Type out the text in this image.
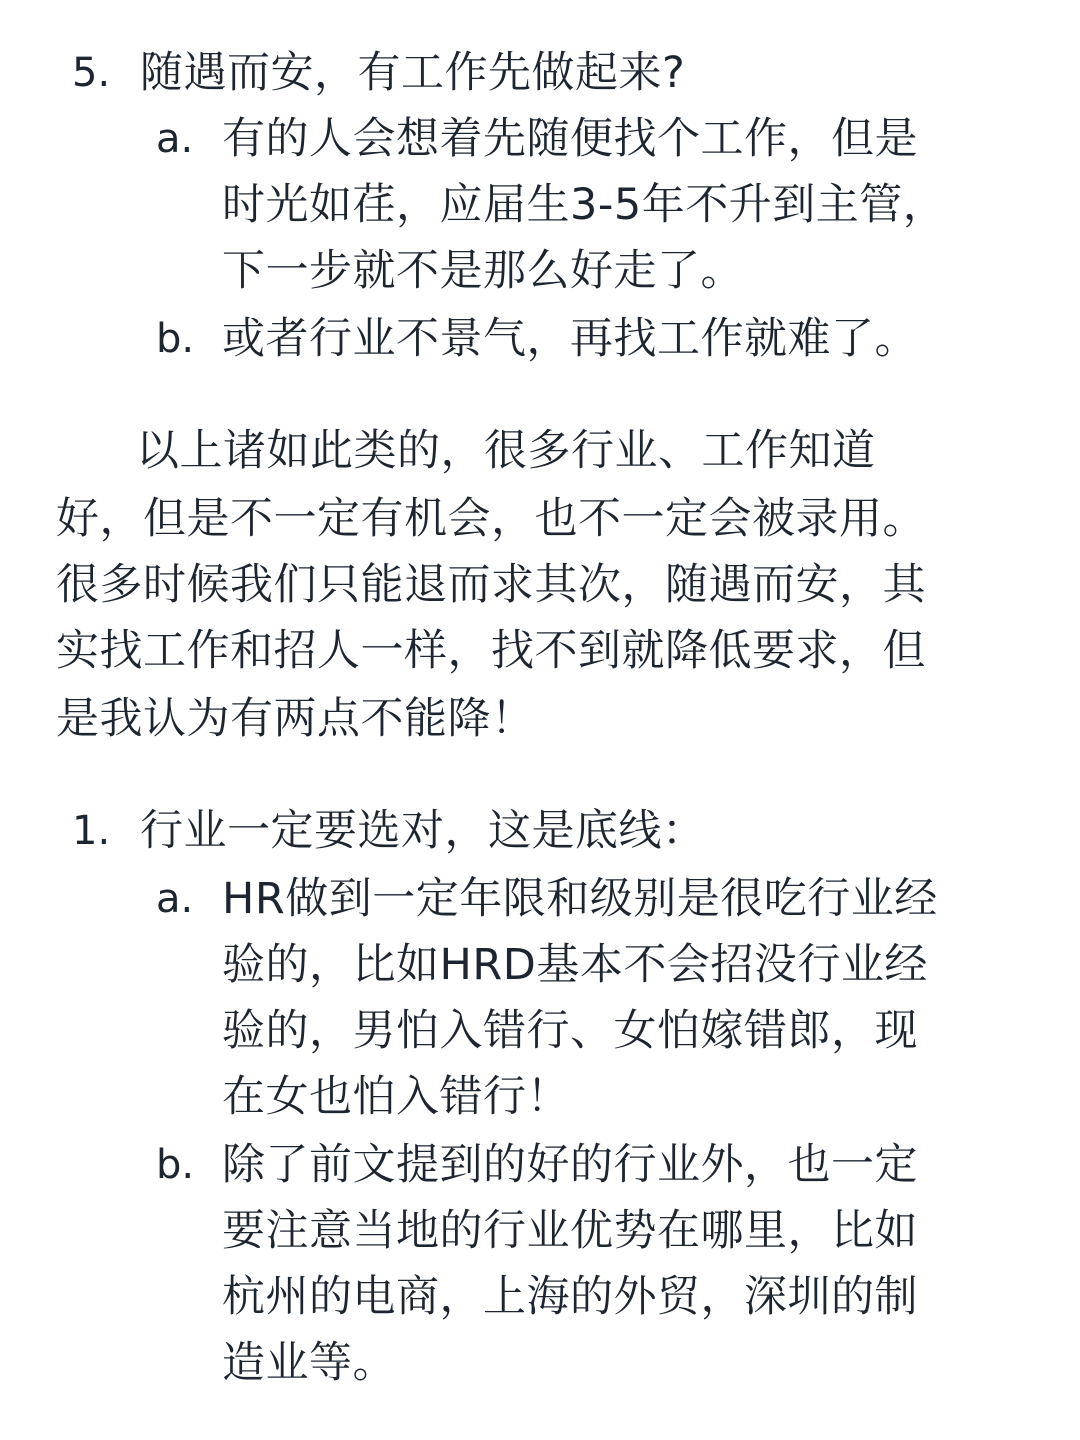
5. 随遇而安，有工作先做起来?
a. 有的人会想着先随便找个工作，但是
时光如荏，应届生3-5年不升到主管，
下一步就不是那么好走了。
b. 或者行业不景气，再找工作就难了。
以上诸如此类的，很多行业、工作知道
好，但是不一定有机会，也不一定会被录用。
很多时候我们只能退而求其次，随遇而安，其
实找工作和招人一样，找不到就降低要求，但
是我认为有两点不能降！
1. 行业一定要选对，这是底线：
a. HR做到一定年限和级别是很吃行业经
验的，比如HRD基本不会招没行业经
验的，男怕入错行、女怕嫁错郎，现
在女也怕入错行！
b. 除了前文提到的好的行业外，也一定
要注意当地的行业优势在哪里，比如
杭州的电商，上海的外贸，深圳的制
造业等。
